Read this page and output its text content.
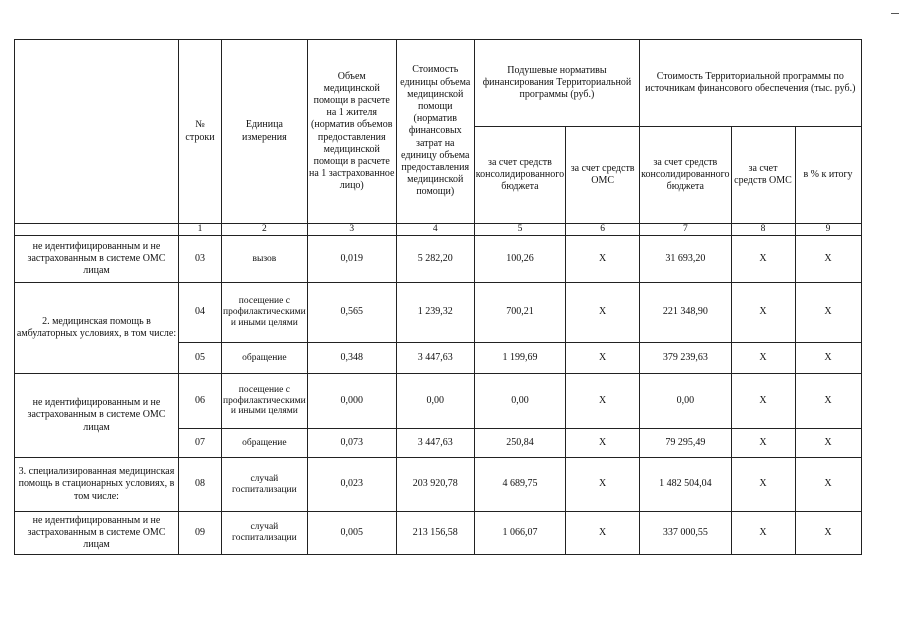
	№ строки	Единица измерения	Объем медицинской помощи в расчете на 1 жителя (норматив объемов предоставления медицинской помощи в расчете на 1 застрахованное лицо)	Стоимость единицы объема медицинской помощи (норматив финансовых затрат на единицу объема предоставления медицинской помощи)	Подушевые нормативы финансирования Территориальной программы (руб.)		Стоимость Территориальной программы по источникам финансового обеспечения (тыс. руб.)		
					за счет средств консолидированного бюджета	за счет средств ОМС	за счет средств консолидированного бюджета	за счет средств ОМС	в % к итогу
	1	2	3	4	5	6	7	8	9
не идентифицированным и не застрахованным в системе ОМС лицам	03	вызов	0,019	5 282,20	100,26	Х	31 693,20	Х	Х
2. медицинская помощь в амбулаторных условиях, в том числе:	04	посещение с профилактическими и иными целями	0,565	1 239,32	700,21	Х	221 348,90	Х	Х
	05	обращение	0,348	3 447,63	1 199,69	Х	379 239,63	Х	Х
не идентифицированным и не застрахованным в системе ОМС лицам	06	посещение с профилактическими и иными целями	0,000	0,00	0,00	Х	0,00	Х	Х
	07	обращение	0,073	3 447,63	250,84	Х	79 295,49	Х	Х
3. специализированная медицинская помощь в стационарных условиях, в том числе:	08	случай госпитализации	0,023	203 920,78	4 689,75	Х	1 482 504,04	Х	Х
не идентифицированным и не застрахованным в системе ОМС лицам	09	случай госпитализации	0,005	213 156,58	1 066,07	Х	337 000,55	Х	Х
